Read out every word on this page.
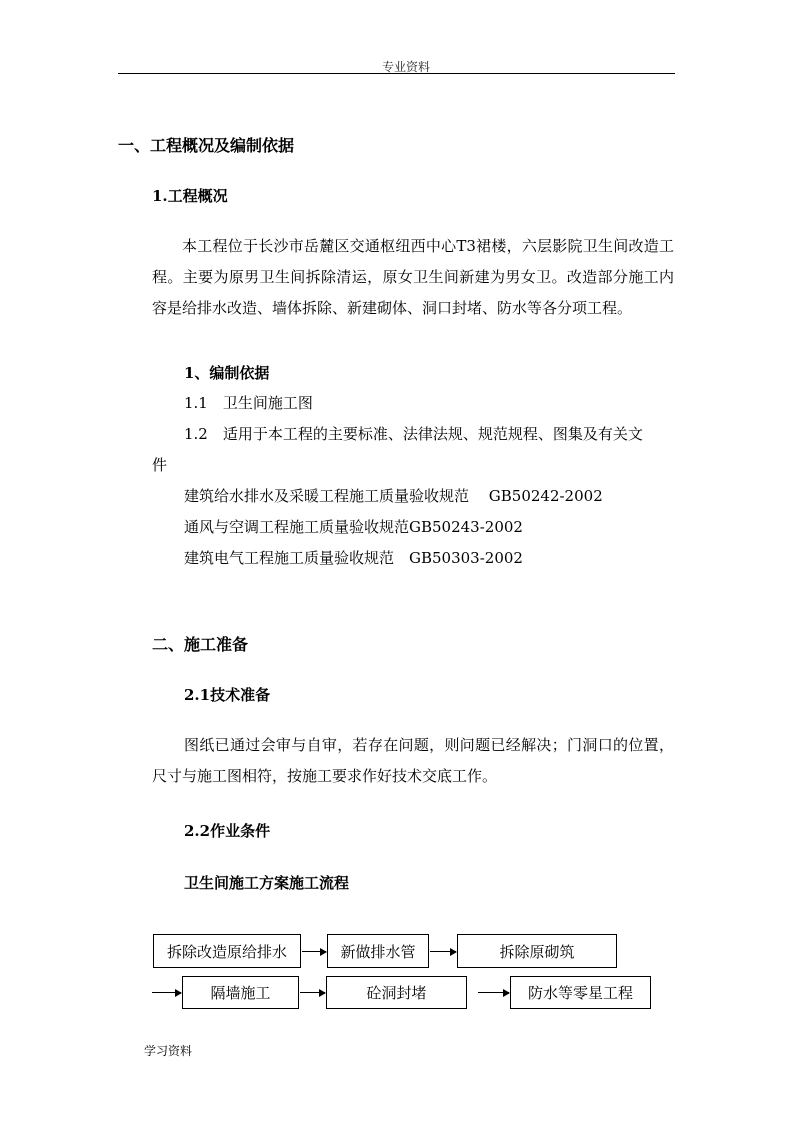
专业资料
一、工程概况及编制依据
1.工程概况
本工程位于长沙市岳麓区交通枢纽西中心T3裙楼，六层影院卫生间改造工程。主要为原男卫生间拆除清运，原女卫生间新建为男女卫。改造部分施工内容是给排水改造、墙体拆除、新建砌体、洞口封堵、防水等各分项工程。
1、编制依据
1.1　卫生间施工图
1.2　适用于本工程的主要标准、法律法规、规范规程、图集及有关文
件
建筑给水排水及采暖工程施工质量验收规范　 GB50242-2002
通风与空调工程施工质量验收规范GB50243-2002
建筑电气工程施工质量验收规范　GB50303-2002
二、施工准备
2.1技术准备
图纸已通过会审与自审，若存在问题，则问题已经解决；门洞口的位置，尺寸与施工图相符，按施工要求作好技术交底工作。
2.2作业条件
卫生间施工方案施工流程
拆除改造原给排水	新做排水管	拆除原砌筑
隔墙施工	砼洞封堵	防水等零星工程
学习资料
